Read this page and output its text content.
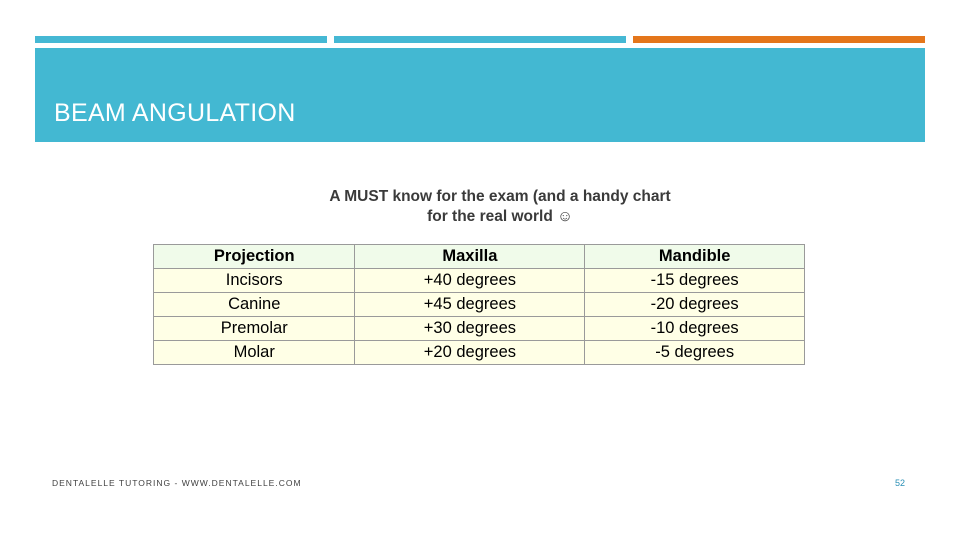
BEAM ANGULATION
A MUST know for the exam (and a handy chart
for the real world ☺
Projection	Maxilla	Mandible
Incisors	+40 degrees	-15 degrees
Canine	+45 degrees	-20 degrees
Premolar	+30 degrees	-10 degrees
Molar	+20 degrees	-5 degrees
DENTALELLE TUTORING - WWW.DENTALELLE.COM	52
